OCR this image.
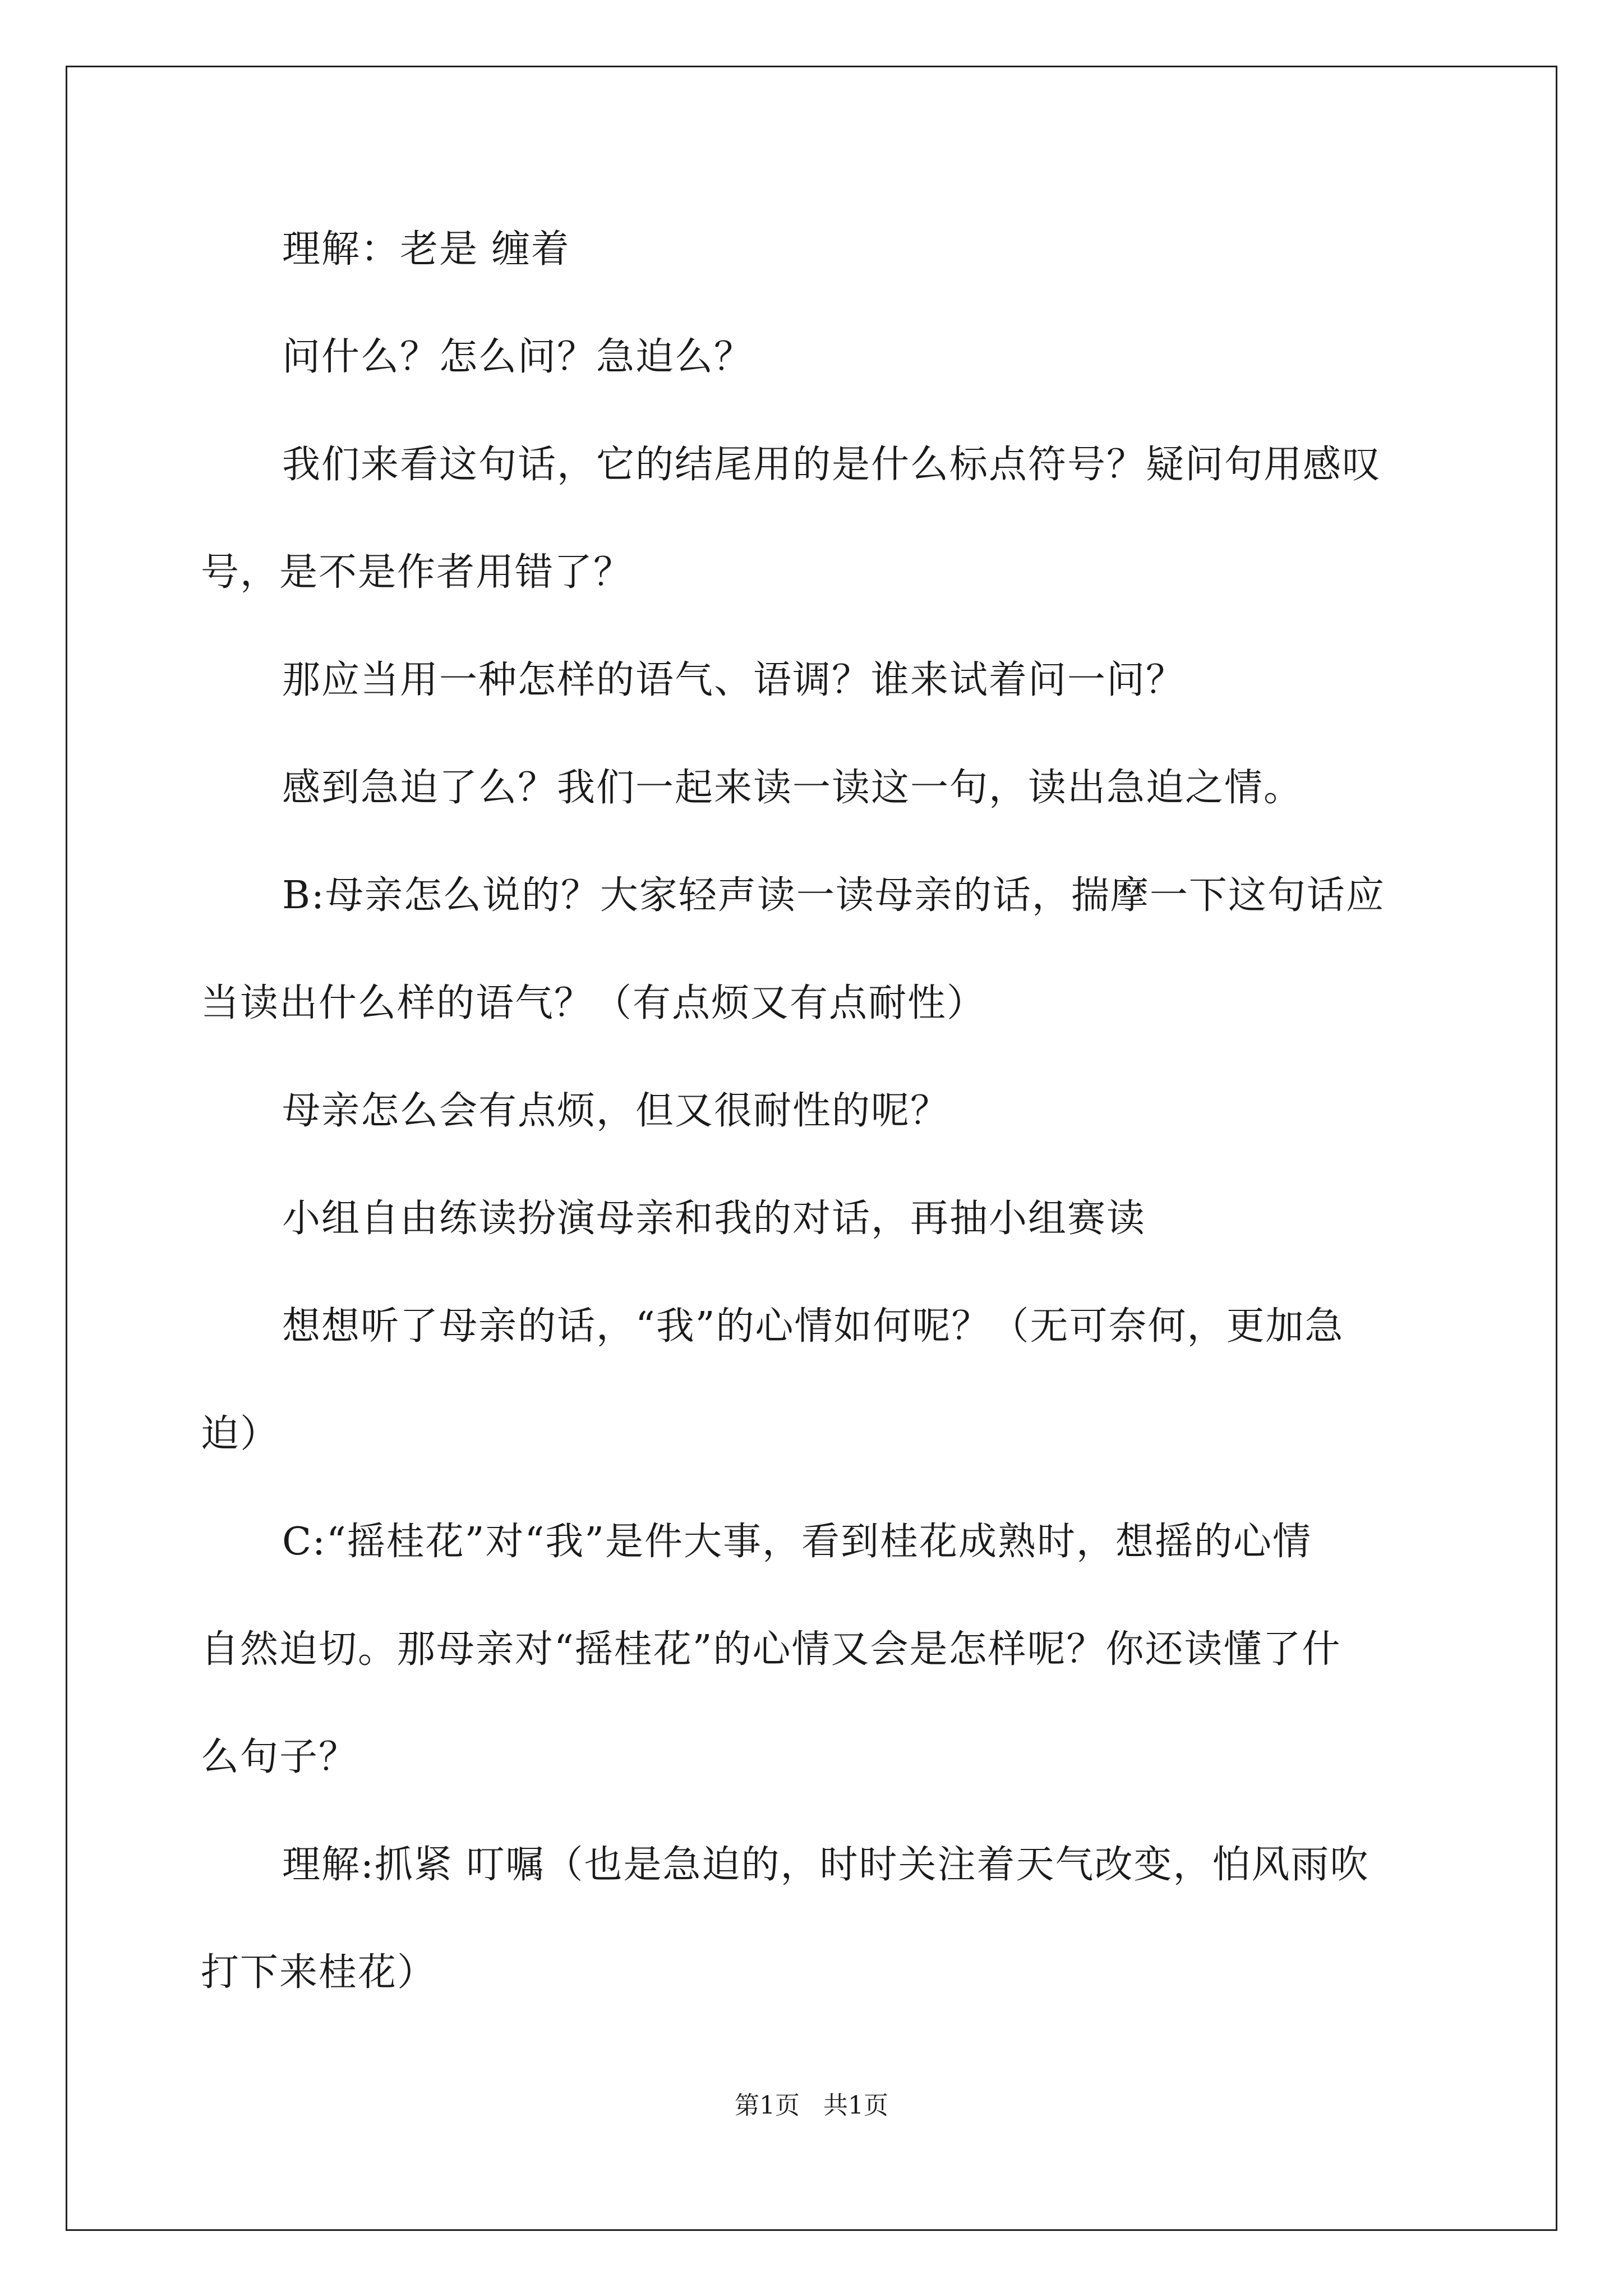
理解：老是 缠着
问什么？怎么问？急迫么？
我们来看这句话，它的结尾用的是什么标点符号？疑问句用感叹
号，是不是作者用错了？
那应当用一种怎样的语气、语调？谁来试着问一问？
感到急迫了么？我们一起来读一读这一句，读出急迫之情。
B:母亲怎么说的？大家轻声读一读母亲的话，揣摩一下这句话应
当读出什么样的语气？（有点烦又有点耐性）
母亲怎么会有点烦，但又很耐性的呢？
小组自由练读扮演母亲和我的对话，再抽小组赛读
想想听了母亲的话，“我”的心情如何呢？（无可奈何，更加急
迫）
C:“摇桂花”对“我”是件大事，看到桂花成熟时，想摇的心情
自然迫切。那母亲对“摇桂花”的心情又会是怎样呢？你还读懂了什
么句子？
理解:抓紧 叮嘱（也是急迫的，时时关注着天气改变，怕风雨吹
打下来桂花）
第1页   共1页
